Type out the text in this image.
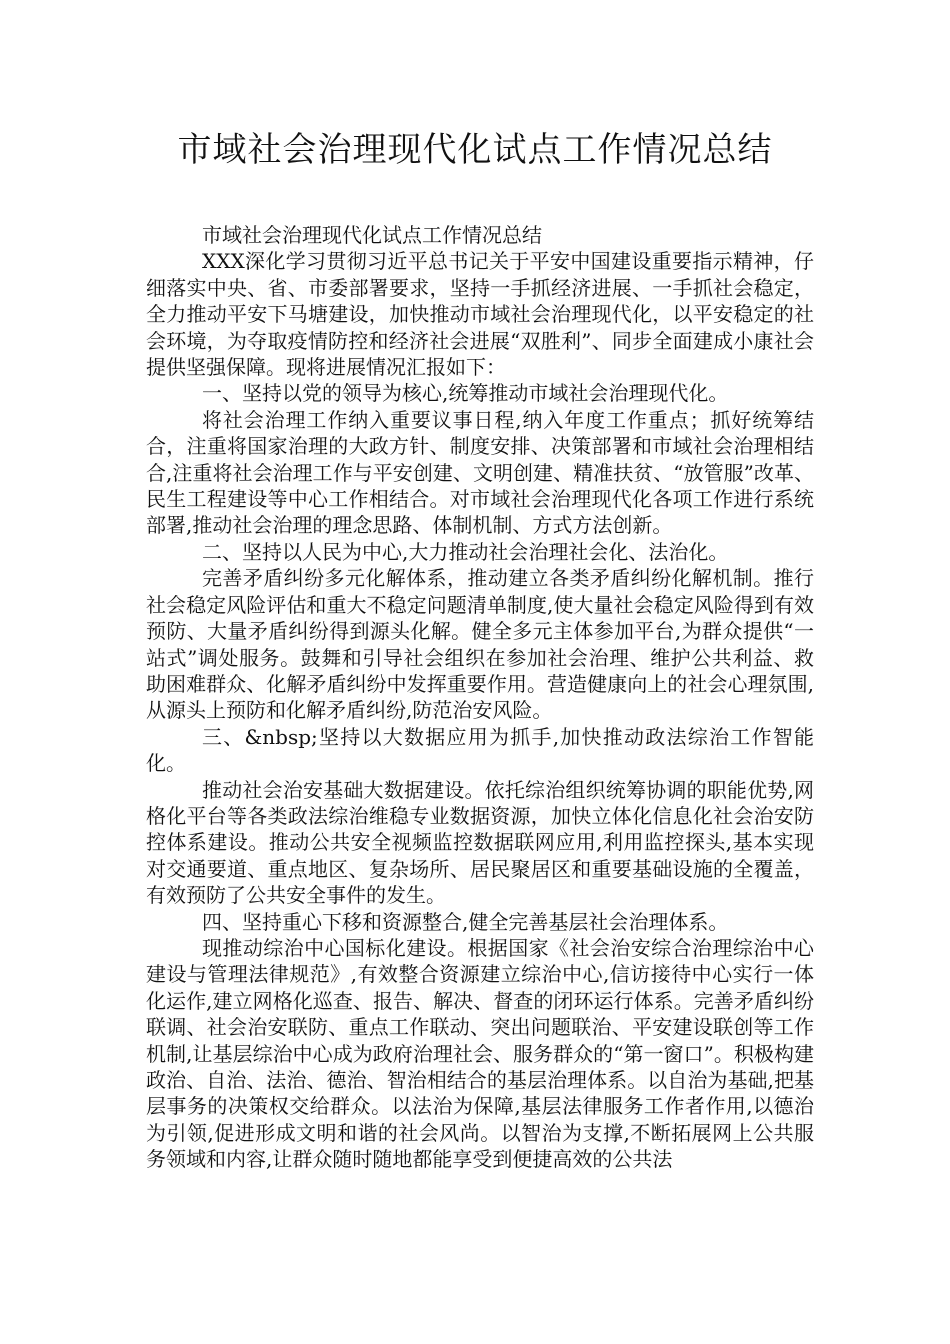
市域社会治理现代化试点工作情况总结

市域社会治理现代化试点工作情况总结

XXX深化学习贯彻习近平总书记关于平安中国建设重要指示精神，仔细落实中央、省、市委部署要求，坚持一手抓经济进展、一手抓社会稳定，全力推动平安下马塘建设，加快推动市域社会治理现代化，以平安稳定的社会环境，为夺取疫情防控和经济社会进展“双胜利”、同步全面建成小康社会提供坚强保障。现将进展情况汇报如下：

一、坚持以党的领导为核心,统筹推动市域社会治理现代化。

将社会治理工作纳入重要议事日程,纳入年度工作重点；抓好统筹结合，注重将国家治理的大政方针、制度安排、决策部署和市域社会治理相结合,注重将社会治理工作与平安创建、文明创建、精准扶贫、“放管服”改革、民生工程建设等中心工作相结合。对市域社会治理现代化各项工作进行系统部署,推动社会治理的理念思路、体制机制、方式方法创新。

二、坚持以人民为中心,大力推动社会治理社会化、法治化。

完善矛盾纠纷多元化解体系，推动建立各类矛盾纠纷化解机制。推行社会稳定风险评估和重大不稳定问题清单制度,使大量社会稳定风险得到有效预防、大量矛盾纠纷得到源头化解。健全多元主体参加平台,为群众提供“一站式”调处服务。鼓舞和引导社会组织在参加社会治理、维护公共利益、救助困难群众、化解矛盾纠纷中发挥重要作用。营造健康向上的社会心理氛围,从源头上预防和化解矛盾纠纷,防范治安风险。

三、&nbsp;坚持以大数据应用为抓手,加快推动政法综治工作智能化。

推动社会治安基础大数据建设。依托综治组织统筹协调的职能优势,网格化平台等各类政法综治维稳专业数据资源，加快立体化信息化社会治安防控体系建设。推动公共安全视频监控数据联网应用,利用监控探头,基本实现对交通要道、重点地区、复杂场所、居民聚居区和重要基础设施的全覆盖，有效预防了公共安全事件的发生。

四、坚持重心下移和资源整合,健全完善基层社会治理体系。

现推动综治中心国标化建设。根据国家《社会治安综合治理综治中心建设与管理法律规范》,有效整合资源建立综治中心,信访接待中心实行一体化运作,建立网格化巡查、报告、解决、督查的闭环运行体系。完善矛盾纠纷联调、社会治安联防、重点工作联动、突出问题联治、平安建设联创等工作机制,让基层综治中心成为政府治理社会、服务群众的“第一窗口”。积极构建政治、自治、法治、德治、智治相结合的基层治理体系。以自治为基础,把基层事务的决策权交给群众。以法治为保障,基层法律服务工作者作用,以德治为引领,促进形成文明和谐的社会风尚。以智治为支撑,不断拓展网上公共服务领域和内容,让群众随时随地都能享受到便捷高效的公共法
